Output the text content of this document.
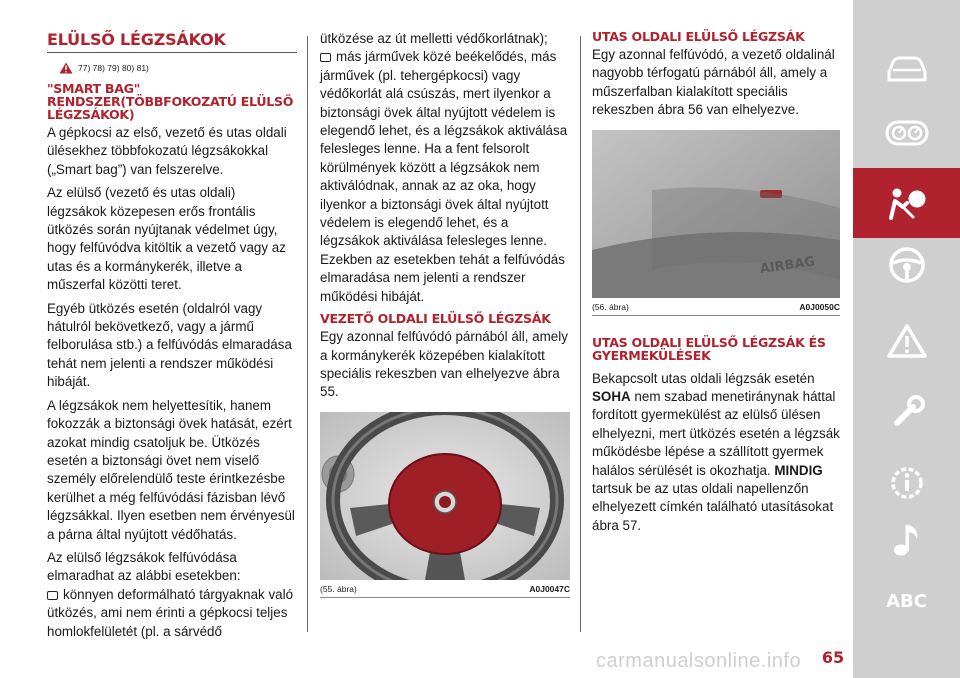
ELÜLSŐ LÉGZSÁKOK
77) 78) 79) 80) 81)
"SMART BAG" RENDSZER(TÖBBFOKOZATÚ ELÜLSŐ LÉGZSÁKOK)

A gépkocsi az első, vezető és utas oldali ülésekhez többfokozatú légzsákokkal („Smart bag”) van felszerelve.

Az elülső (vezető és utas oldali) légzsákok közepesen erős frontális ütközés során nyújtanak védelmet úgy, hogy felfúvódva kitöltik a vezető vagy az utas és a kormánykerék, illetve a műszerfal közötti teret.

Egyéb ütközés esetén (oldalról vagy hátulról bekövetkező, vagy a jármű felborulása stb.) a felfúvódás elmaradása tehát nem jelenti a rendszer működési hibáját.

A légzsákok nem helyettesítik, hanem fokozzák a biztonsági övek hatását, ezért azokat mindig csatoljuk be. Ütközés esetén a biztonsági övet nem viselő személy előrelendülő teste érintkezésbe kerülhet a még felfúvódási fázisban lévő légzsákkal. Ilyen esetben nem érvényesül a párna által nyújtott védőhatás.

Az elülső légzsákok felfúvódása elmaradhat az alábbi esetekben:

könnyen deformálható tárgyaknak való ütközés, ami nem érinti a gépkocsi teljes homlokfelületét (pl. a sárvédő

ütközése az út melletti védőkorlátnak);

más járművek közé beékelődés, más járművek (pl. tehergépkocsi) vagy védőkorlát alá csúszás, mert ilyenkor a biztonsági övek által nyújtott védelem is elegendő lehet, és a légzsákok aktiválása felesleges lenne. Ha a fent felsorolt körülmények között a légzsákok nem aktiválódnak, annak az az oka, hogy ilyenkor a biztonsági övek által nyújtott védelem is elegendő lehet, és a légzsákok aktiválása felesleges lenne. Ezekben az esetekben tehát a felfúvódás elmaradása nem jelenti a rendszer működési hibáját.

VEZETŐ OLDALI ELÜLSŐ LÉGZSÁK

Egy azonnal felfúvódó párnából áll, amely a kormánykerék közepében kialakított speciális rekeszben van elhelyezve ábra 55.

(55. ábra)	A0J0047C
UTAS OLDALI ELÜLSŐ LÉGZSÁK

Egy azonnal felfúvódó, a vezető oldalinál nagyobb térfogatú párnából áll, amely a műszerfalban kialakított speciális rekeszben ábra 56 van elhelyezve.

AIRBAG
(56. ábra)	A0J0050C
UTAS OLDALI ELÜLSŐ LÉGZSÁK ÉS GYERMEKÜLÉSEK

Bekapcsolt utas oldali légzsák esetén SOHA nem szabad menetiránynak háttal fordított gyermekülést az elülső ülésen elhelyezni, mert ütközés esetén a légzsák működésbe lépése a szállított gyermek halálos sérülését is okozhatja. MINDIG tartsuk be az utas oldali napellenzőn elhelyezett címkén található utasításokat ábra 57.

ABC
carmanualsonline.info 65
